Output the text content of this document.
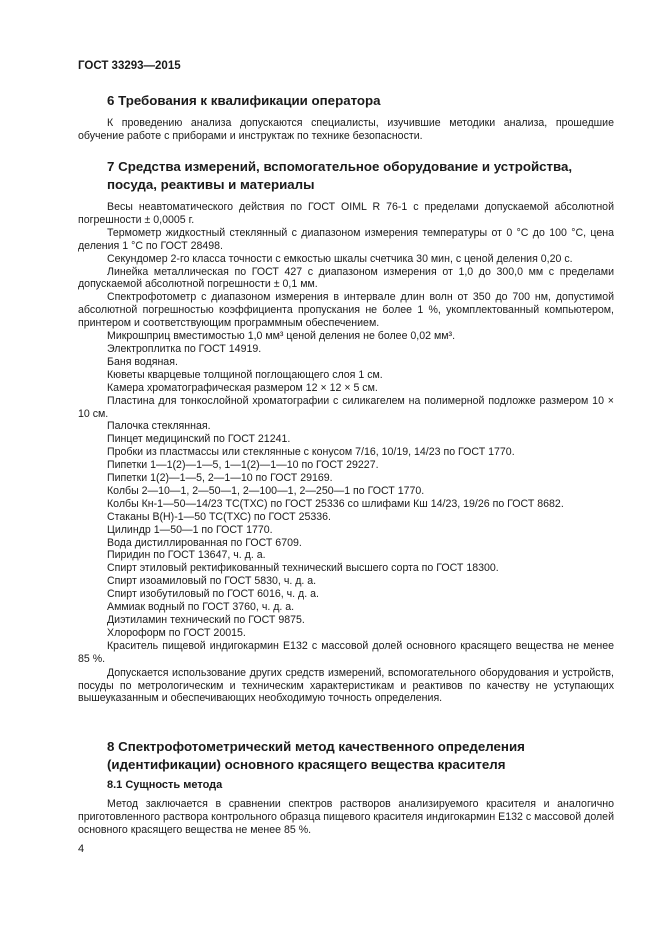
ГОСТ 33293—2015
6 Требования к квалификации оператора

К проведению анализа допускаются специалисты, изучившие методики анализа, прошедшие обучение работе с приборами и инструктаж по технике безопасности.

7 Средства измерений, вспомогательное оборудование и устройства,
посуда, реактивы и материалы

Весы неавтоматического действия по ГОСТ OIML R 76-1 с пределами допускаемой абсолютной погрешности ± 0,0005 г.

Термометр жидкостный стеклянный с диапазоном измерения температуры от 0 °С до 100 °С, цена деления 1 °С по ГОСТ 28498.

Секундомер 2-го класса точности с емкостью шкалы счетчика 30 мин, с ценой деления 0,20 с.

Линейка металлическая по ГОСТ 427 с диапазоном измерения от 1,0 до 300,0 мм с пределами допускаемой абсолютной погрешности ± 0,1 мм.

Спектрофотометр с диапазоном измерения в интервале длин волн от 350 до 700 нм, допустимой абсолютной погрешностью коэффициента пропускания не более 1 %, укомплектованный компьютером, принтером и соответствующим программным обеспечением.

Микрошприц вместимостью 1,0 мм³ ценой деления не более 0,02 мм³.

Электроплитка по ГОСТ 14919.

Баня водяная.

Кюветы кварцевые толщиной поглощающего слоя 1 см.

Камера хроматографическая размером 12 × 12 × 5 см.

Пластина для тонкослойной хроматографии с силикагелем на полимерной подложке размером 10 × 10 см.

Палочка стеклянная.

Пинцет медицинский по ГОСТ 21241.

Пробки из пластмассы или стеклянные с конусом 7/16, 10/19, 14/23 по ГОСТ 1770.

Пипетки 1—1(2)—1—5, 1—1(2)—1—10 по ГОСТ 29227.

Пипетки 1(2)—1—5, 2—1—10 по ГОСТ 29169.

Колбы 2—10—1, 2—50—1, 2—100—1, 2—250—1 по ГОСТ 1770.

Колбы Кн-1—50—14/23 ТС(ТХС) по ГОСТ 25336 со шлифами Кш 14/23, 19/26 по ГОСТ 8682.

Стаканы В(Н)-1—50 ТС(ТХС) по ГОСТ 25336.

Цилиндр 1—50—1 по ГОСТ 1770.

Вода дистиллированная по ГОСТ 6709.

Пиридин по ГОСТ 13647, ч. д. а.

Спирт этиловый ректификованный технический высшего сорта по ГОСТ 18300.

Спирт изоамиловый по ГОСТ 5830, ч. д. а.

Спирт изобутиловый по ГОСТ 6016, ч. д. а.

Аммиак водный по ГОСТ 3760, ч. д. а.

Диэтиламин технический по ГОСТ 9875.

Хлороформ по ГОСТ 20015.

Краситель пищевой индигокармин Е132 с массовой долей основного красящего вещества не менее 85 %.

Допускается использование других средств измерений, вспомогательного оборудования и устройств, посуды по метрологическим и техническим характеристикам и реактивов по качеству не уступающих вышеуказанным и обеспечивающих необходимую точность определения.

8 Спектрофотометрический метод качественного определения
(идентификации) основного красящего вещества красителя
8.1 Сущность метода

Метод заключается в сравнении спектров растворов анализируемого красителя и аналогично приготовленного раствора контрольного образца пищевого красителя индигокармин Е132 с массовой долей основного красящего вещества не менее 85 %.

4
